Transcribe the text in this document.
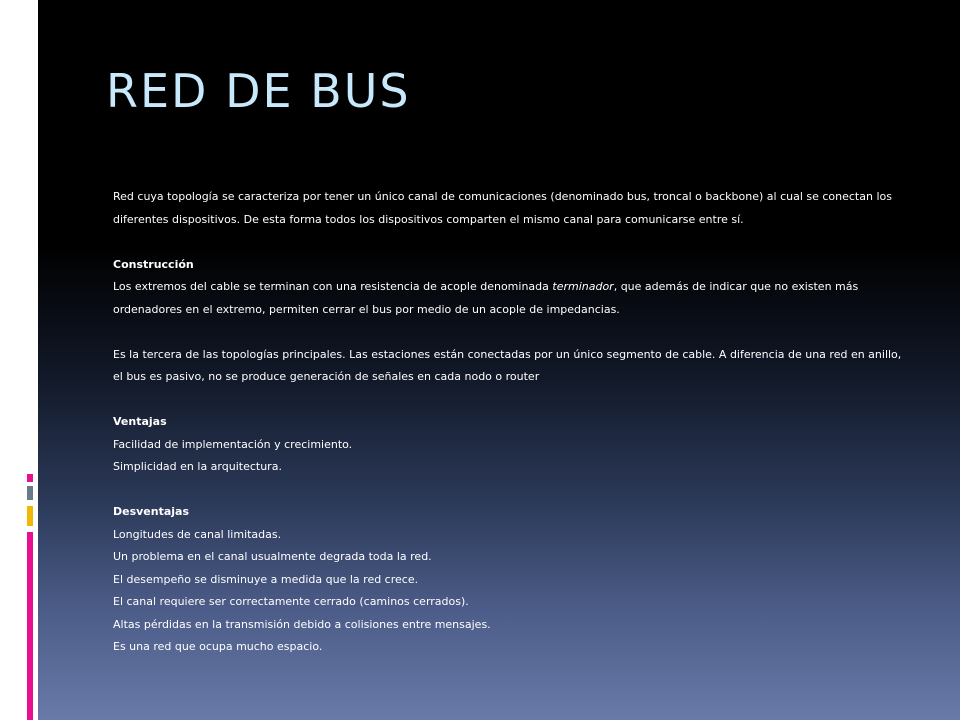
RED DE BUS

Red cuya topología se caracteriza por tener un único canal de comunicaciones (denominado bus, troncal o backbone) al cual se conectan los diferentes dispositivos. De esta forma todos los dispositivos comparten el mismo canal para comunicarse entre sí.

Construcción

Los extremos del cable se terminan con una resistencia de acople denominada terminador, que además de indicar que no existen más ordenadores en el extremo, permiten cerrar el bus por medio de un acople de impedancias.

Es la tercera de las topologías principales. Las estaciones están conectadas por un único segmento de cable. A diferencia de una red en anillo, el bus es pasivo, no se produce generación de señales en cada nodo o router

Ventajas

Facilidad de implementación y crecimiento.

Simplicidad en la arquitectura.

Desventajas

Longitudes de canal limitadas.

Un problema en el canal usualmente degrada toda la red.

El desempeño se disminuye a medida que la red crece.

El canal requiere ser correctamente cerrado (caminos cerrados).

Altas pérdidas en la transmisión debido a colisiones entre mensajes.

Es una red que ocupa mucho espacio.
